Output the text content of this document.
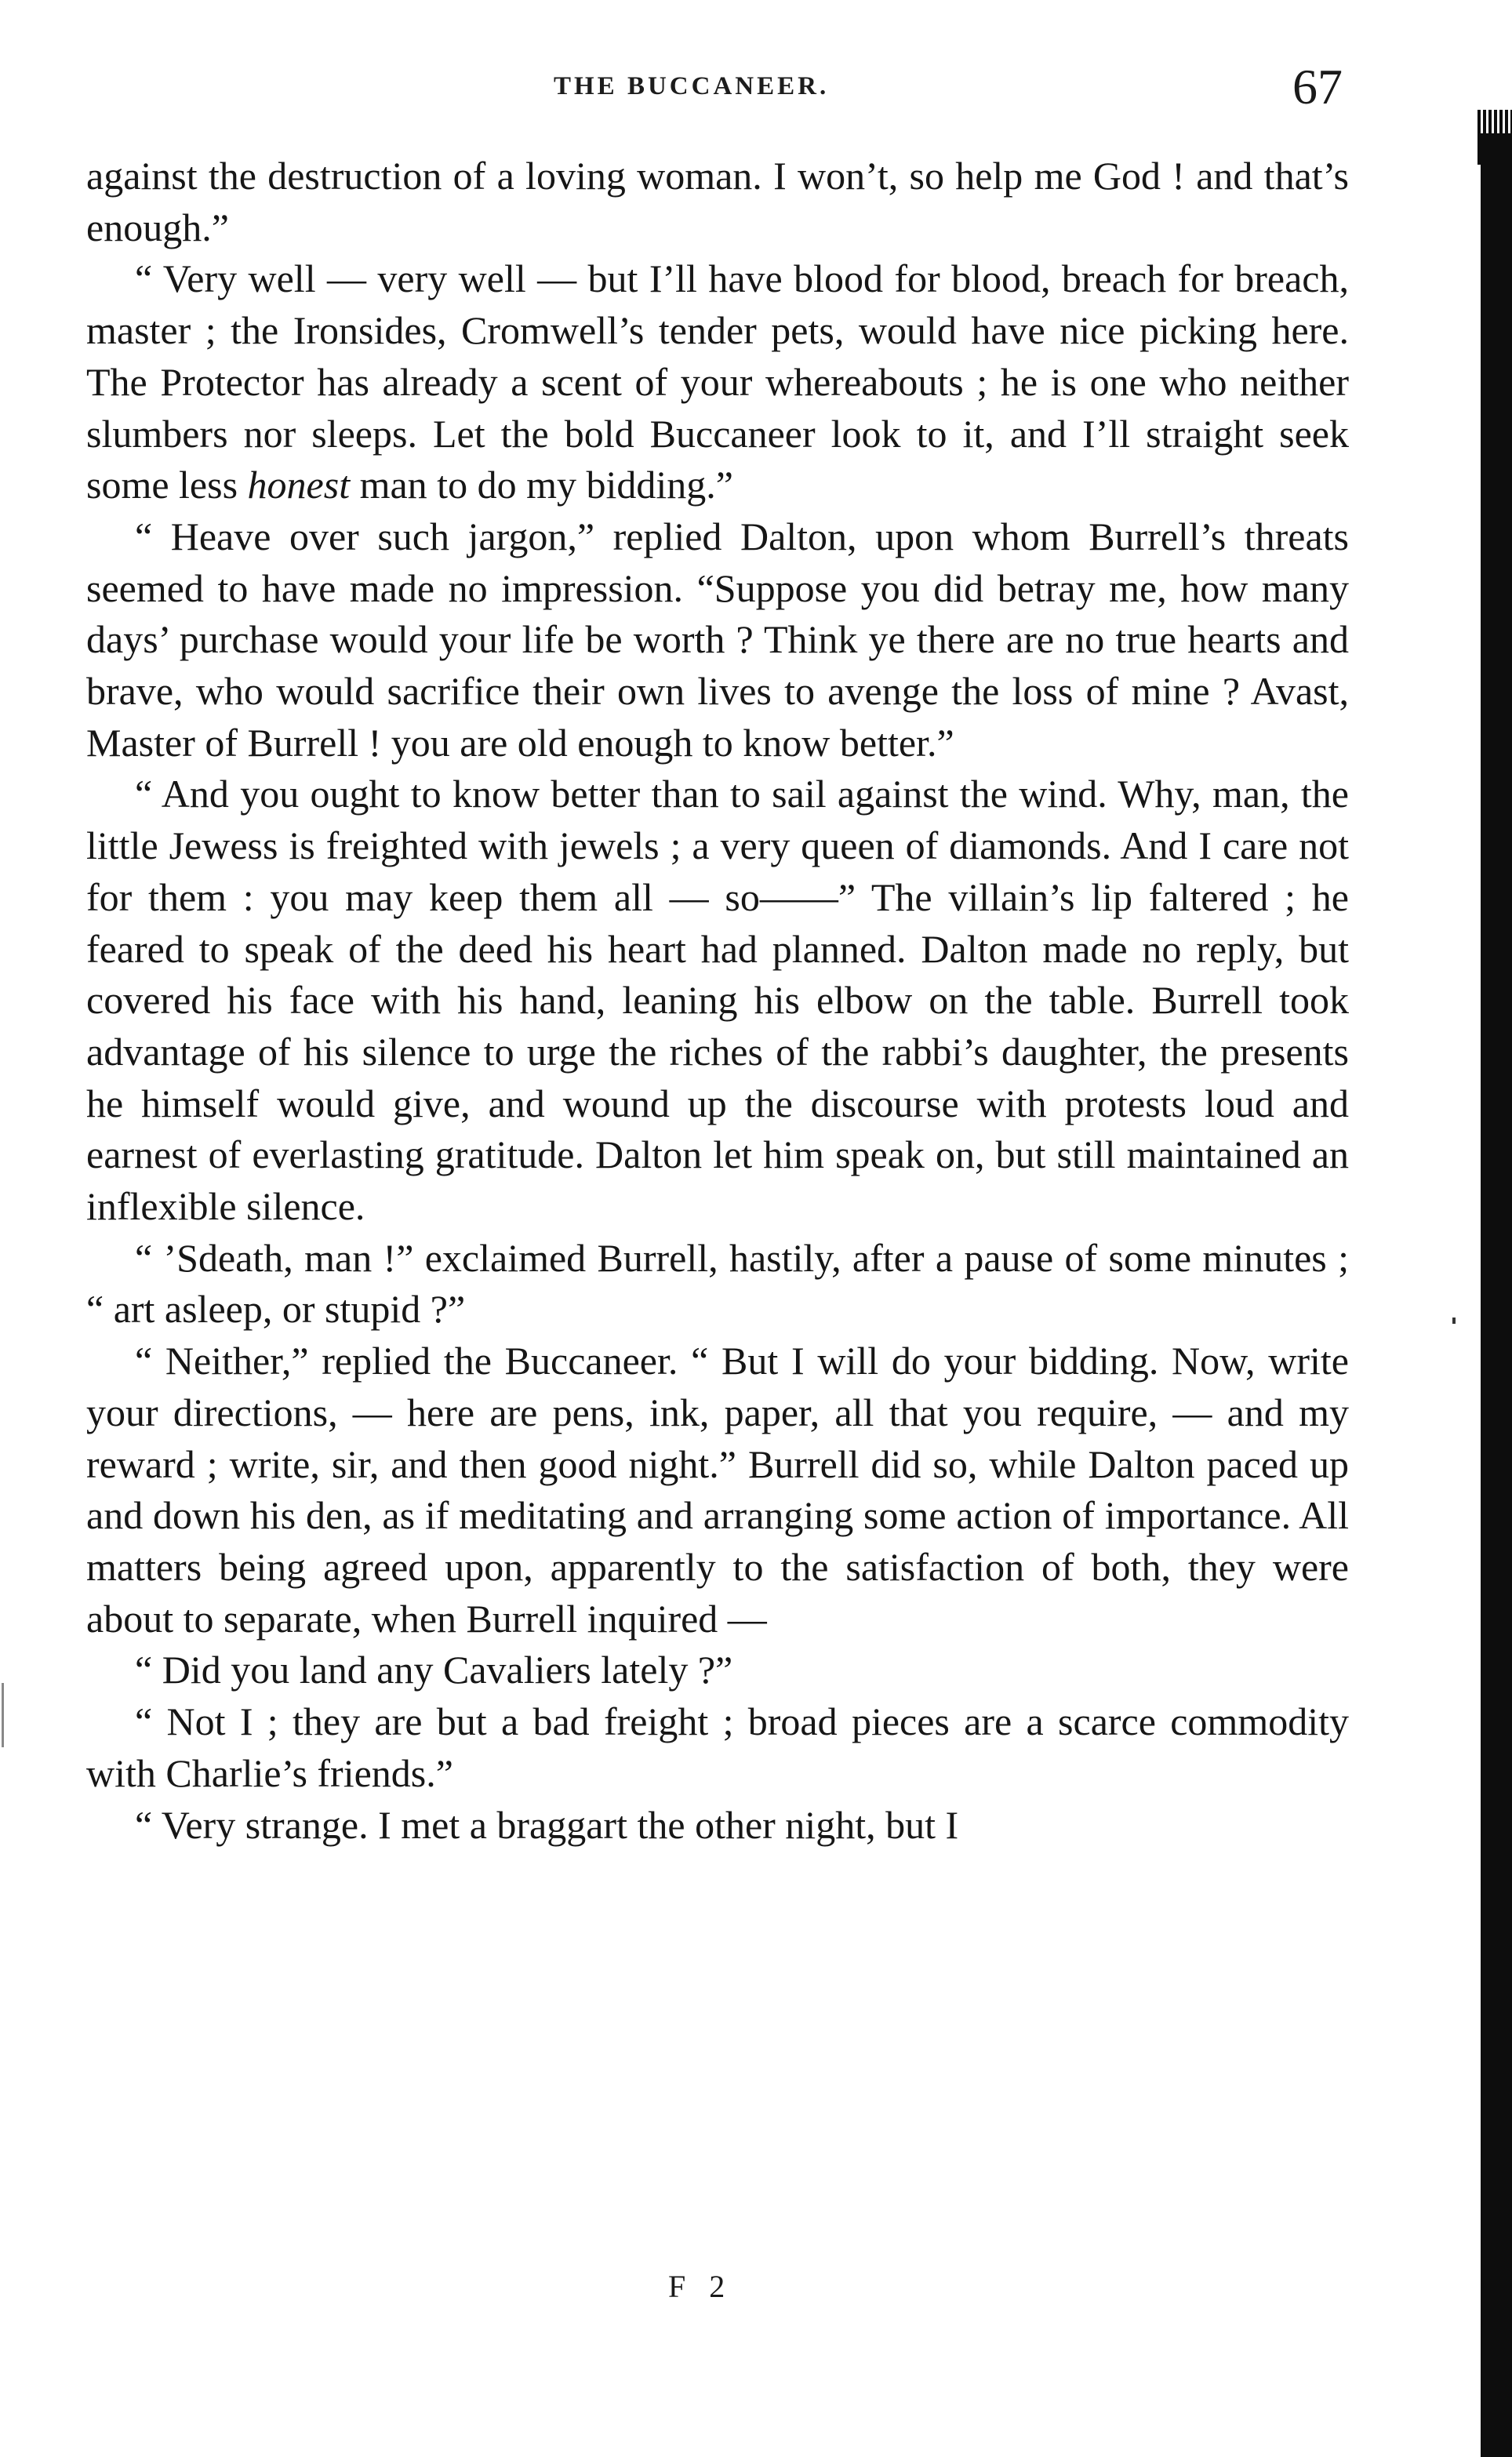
THE BUCCANEER.	67

against the destruction of a loving woman. I won’t, so help me God ! and that’s enough.”

“ Very well — very well — but I’ll have blood for blood, breach for breach, master ; the Ironsides, Cromwell’s tender pets, would have nice picking here. The Protector has already a scent of your whereabouts ; he is one who neither slumbers nor sleeps. Let the bold Buccaneer look to it, and I’ll straight seek some less honest man to do my bidding.”

“ Heave over such jargon,” replied Dalton, upon whom Burrell’s threats seemed to have made no impression. “Suppose you did betray me, how many days’ purchase would your life be worth ? Think ye there are no true hearts and brave, who would sacrifice their own lives to avenge the loss of mine ? Avast, Master of Burrell ! you are old enough to know better.”

“ And you ought to know better than to sail against the wind. Why, man, the little Jewess is freighted with jewels ; a very queen of diamonds. And I care not for them : you may keep them all — so——” The villain’s lip faltered ; he feared to speak of the deed his heart had planned. Dalton made no reply, but covered his face with his hand, leaning his elbow on the table. Burrell took advantage of his silence to urge the riches of the rabbi’s daughter, the presents he himself would give, and wound up the discourse with protests loud and earnest of everlasting gratitude. Dalton let him speak on, but still maintained an inflexible silence.

“ ’Sdeath, man !” exclaimed Burrell, hastily, after a pause of some minutes ; “ art asleep, or stupid ?”

“ Neither,” replied the Buccaneer. “ But I will do your bidding. Now, write your directions, — here are pens, ink, paper, all that you require, — and my reward ; write, sir, and then good night.” Burrell did so, while Dalton paced up and down his den, as if meditating and arranging some action of importance. All matters being agreed upon, apparently to the satisfaction of both, they were about to separate, when Burrell inquired —

“ Did you land any Cavaliers lately ?”

“ Not I ; they are but a bad freight ; broad pieces are a scarce commodity with Charlie’s friends.”

“ Very strange. I met a braggart the other night, but I

F 2
